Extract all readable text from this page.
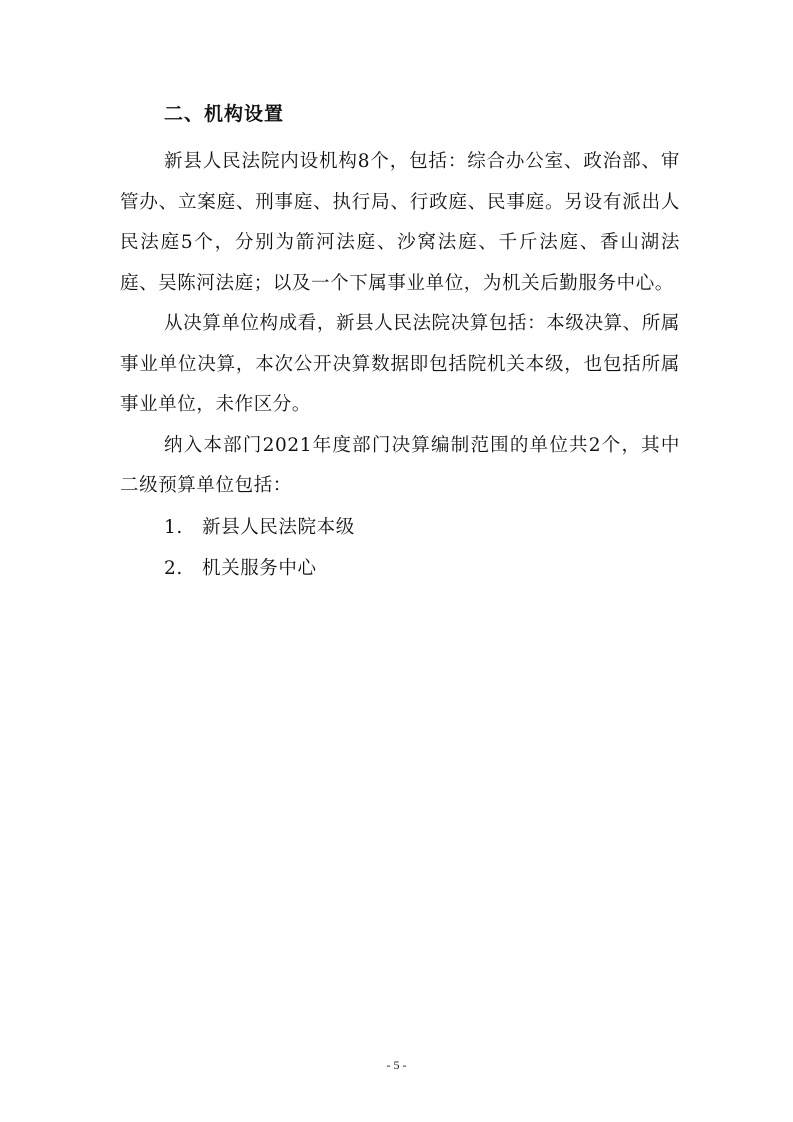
二、机构设置

新县人民法院内设机构8个，包括：综合办公室、政治部、审管办、立案庭、刑事庭、执行局、行政庭、民事庭。另设有派出人民法庭5个，分别为箭河法庭、沙窝法庭、千斤法庭、香山湖法庭、吴陈河法庭；以及一个下属事业单位，为机关后勤服务中心。

从决算单位构成看，新县人民法院决算包括：本级决算、所属事业单位决算，本次公开决算数据即包括院机关本级，也包括所属事业单位，未作区分。

纳入本部门2021年度部门决算编制范围的单位共2个，其中二级预算单位包括：

1.	新县人民法院本级
2.	机关服务中心
- 5 -
